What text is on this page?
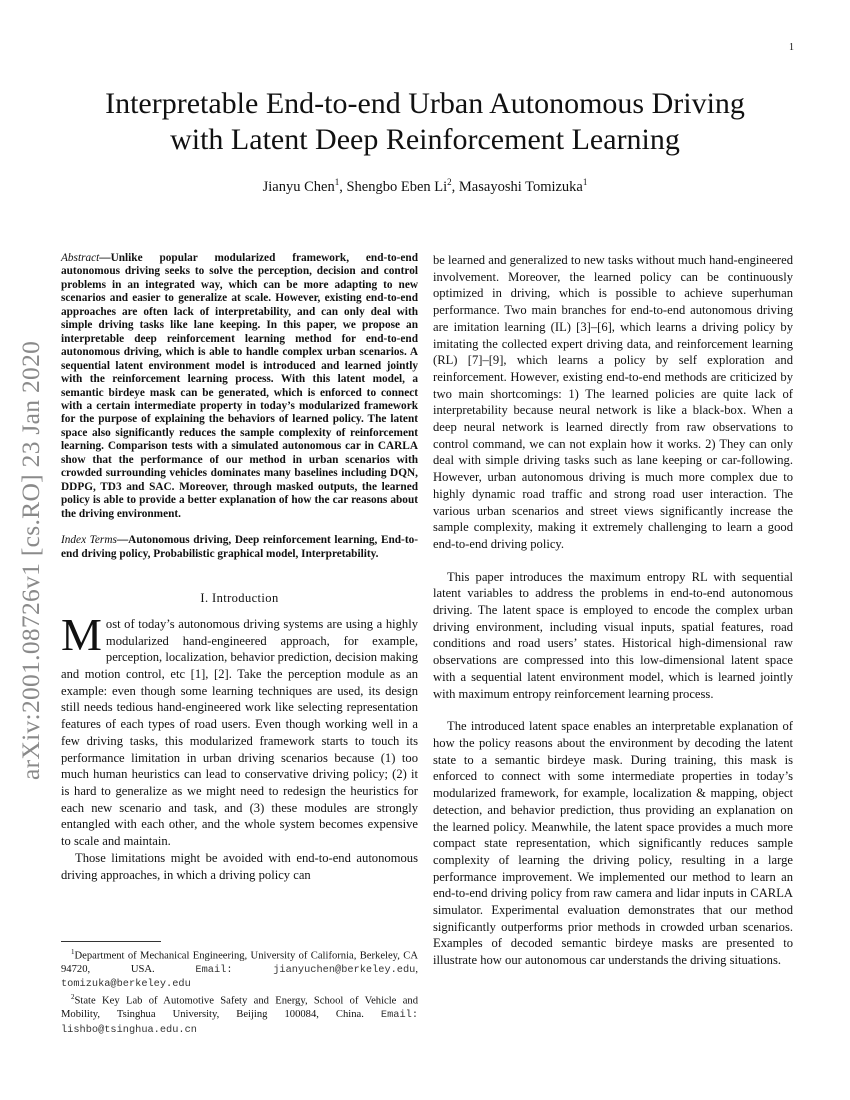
1
Interpretable End-to-end Urban Autonomous Driving
with Latent Deep Reinforcement Learning
Jianyu Chen$^1$, Shengbo Eben Li$^2$, Masayoshi Tomizuka$^1$
arXiv:2001.08726v1 [cs.RO] 23 Jan 2020

Abstract—Unlike popular modularized framework, end-to-end autonomous driving seeks to solve the perception, decision and control problems in an integrated way, which can be more adapting to new scenarios and easier to generalize at scale. However, existing end-to-end approaches are often lack of interpretability, and can only deal with simple driving tasks like lane keeping. In this paper, we propose an interpretable deep reinforcement learning method for end-to-end autonomous driving, which is able to handle complex urban scenarios. A sequential latent environment model is introduced and learned jointly with the reinforcement learning process. With this latent model, a semantic birdeye mask can be generated, which is enforced to connect with a certain intermediate property in today’s modularized framework for the purpose of explaining the behaviors of learned policy. The latent space also significantly reduces the sample complexity of reinforcement learning. Comparison tests with a simulated autonomous car in CARLA show that the performance of our method in urban scenarios with crowded surrounding vehicles dominates many baselines including DQN, DDPG, TD3 and SAC. Moreover, through masked outputs, the learned policy is able to provide a better explanation of how the car reasons about the driving environment.

Index Terms—Autonomous driving, Deep reinforcement learning, End-to-end driving policy, Probabilistic graphical model, Interpretability.

I. Introduction

Most of today’s autonomous driving systems are using a highly modularized hand-engineered approach, for example, perception, localization, behavior prediction, decision making and motion control, etc [1], [2]. Take the perception module as an example: even though some learning techniques are used, its design still needs tedious hand-engineered work like selecting representation features of each types of road users. Even though working well in a few driving tasks, this modularized framework starts to touch its performance limitation in urban driving scenarios because (1) too much human heuristics can lead to conservative driving policy; (2) it is hard to generalize as we might need to redesign the heuristics for each new scenario and task, and (3) these modules are strongly entangled with each other, and the whole system becomes expensive to scale and maintain.

Those limitations might be avoided with end-to-end autonomous driving approaches, in which a driving policy can

$^1$Department of Mechanical Engineering, University of California, Berkeley, CA 94720, USA.	Email:	jianyuchen@berkeley.edu, tomizuka@berkeley.edu

$^2$State Key Lab of Automotive Safety and Energy, School of Vehicle and Mobility, Tsinghua University, Beijing 100084, China. Email: lishbo@tsinghua.edu.cn

be learned and generalized to new tasks without much hand-engineered involvement. Moreover, the learned policy can be continuously optimized in driving, which is possible to achieve superhuman performance. Two main branches for end-to-end autonomous driving are imitation learning (IL) [3]–[6], which learns a driving policy by imitating the collected expert driving data, and reinforcement learning (RL) [7]–[9], which learns a policy by self exploration and reinforcement. However, existing end-to-end methods are criticized by two main shortcomings: 1) The learned policies are quite lack of interpretability because neural network is like a black-box. When a deep neural network is learned directly from raw observations to control command, we can not explain how it works. 2) They can only deal with simple driving tasks such as lane keeping or car-following. However, urban autonomous driving is much more complex due to highly dynamic road traffic and strong road user interaction. The various urban scenarios and street views significantly increase the sample complexity, making it extremely challenging to learn a good end-to-end driving policy.

This paper introduces the maximum entropy RL with sequential latent variables to address the problems in end-to-end autonomous driving. The latent space is employed to encode the complex urban driving environment, including visual inputs, spatial features, road conditions and road users’ states. Historical high-dimensional raw observations are compressed into this low-dimensional latent space with a sequential latent environment model, which is learned jointly with maximum entropy reinforcement learning process.

The introduced latent space enables an interpretable explanation of how the policy reasons about the environment by decoding the latent state to a semantic birdeye mask. During training, this mask is enforced to connect with some intermediate properties in today’s modularized framework, for example, localization & mapping, object detection, and behavior prediction, thus providing an explanation on the learned policy. Meanwhile, the latent space provides a much more compact state representation, which significantly reduces sample complexity of learning the driving policy, resulting in a large performance improvement. We implemented our method to learn an end-to-end driving policy from raw camera and lidar inputs in CARLA simulator. Experimental evaluation demonstrates that our method significantly outperforms prior methods in crowded urban scenarios. Examples of decoded semantic birdeye masks are presented to illustrate how our autonomous car understands the driving situations.
